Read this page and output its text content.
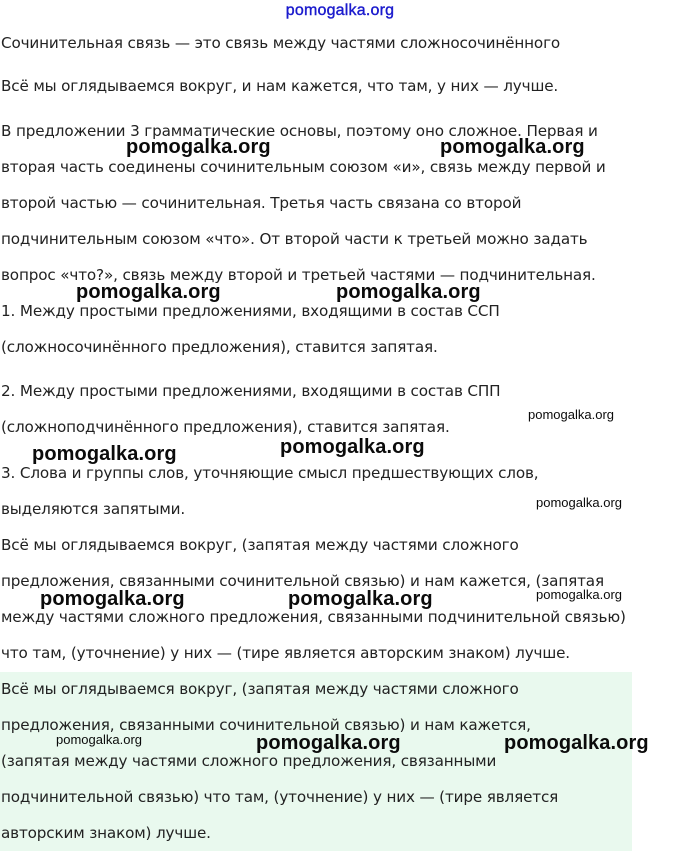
pomogalka.org
Сочинительная связь — это связь между частями сложносочинённого
Всё мы оглядываемся вокруг, и нам кажется, что там, у них — лучше.
В предложении 3 грамматические основы, поэтому оно сложное. Первая и
вторая часть соединены сочинительным союзом «и», связь между первой и
второй частью — сочинительная. Третья часть связана со второй
подчинительным союзом «что». От второй части к третьей можно задать
вопрос «что?», связь между второй и третьей частями — подчинительная.
1. Между простыми предложениями, входящими в состав ССП
(сложносочинённого предложения), ставится запятая.
2. Между простыми предложениями, входящими в состав СПП
(сложноподчинённого предложения), ставится запятая.
3. Слова и группы слов, уточняющие смысл предшествующих слов,
выделяются запятыми.
Всё мы оглядываемся вокруг, (запятая между частями сложного
предложения, связанными сочинительной связью) и нам кажется, (запятая
между частями сложного предложения, связанными подчинительной связью)
что там, (уточнение) у них — (тире является авторским знаком) лучше.
Всё мы оглядываемся вокруг, (запятая между частями сложного
предложения, связанными сочинительной связью) и нам кажется,
(запятая между частями сложного предложения, связанными
подчинительной связью) что там, (уточнение) у них — (тире является
авторским знаком) лучше.
pomogalka.org	pomogalka.org
pomogalka.org	pomogalka.org
pomogalka.org
pomogalka.org
pomogalka.org
pomogalka.org
pomogalka.org
pomogalka.org	pomogalka.org
pomogalka.org	pomogalka.org	pomogalka.org
